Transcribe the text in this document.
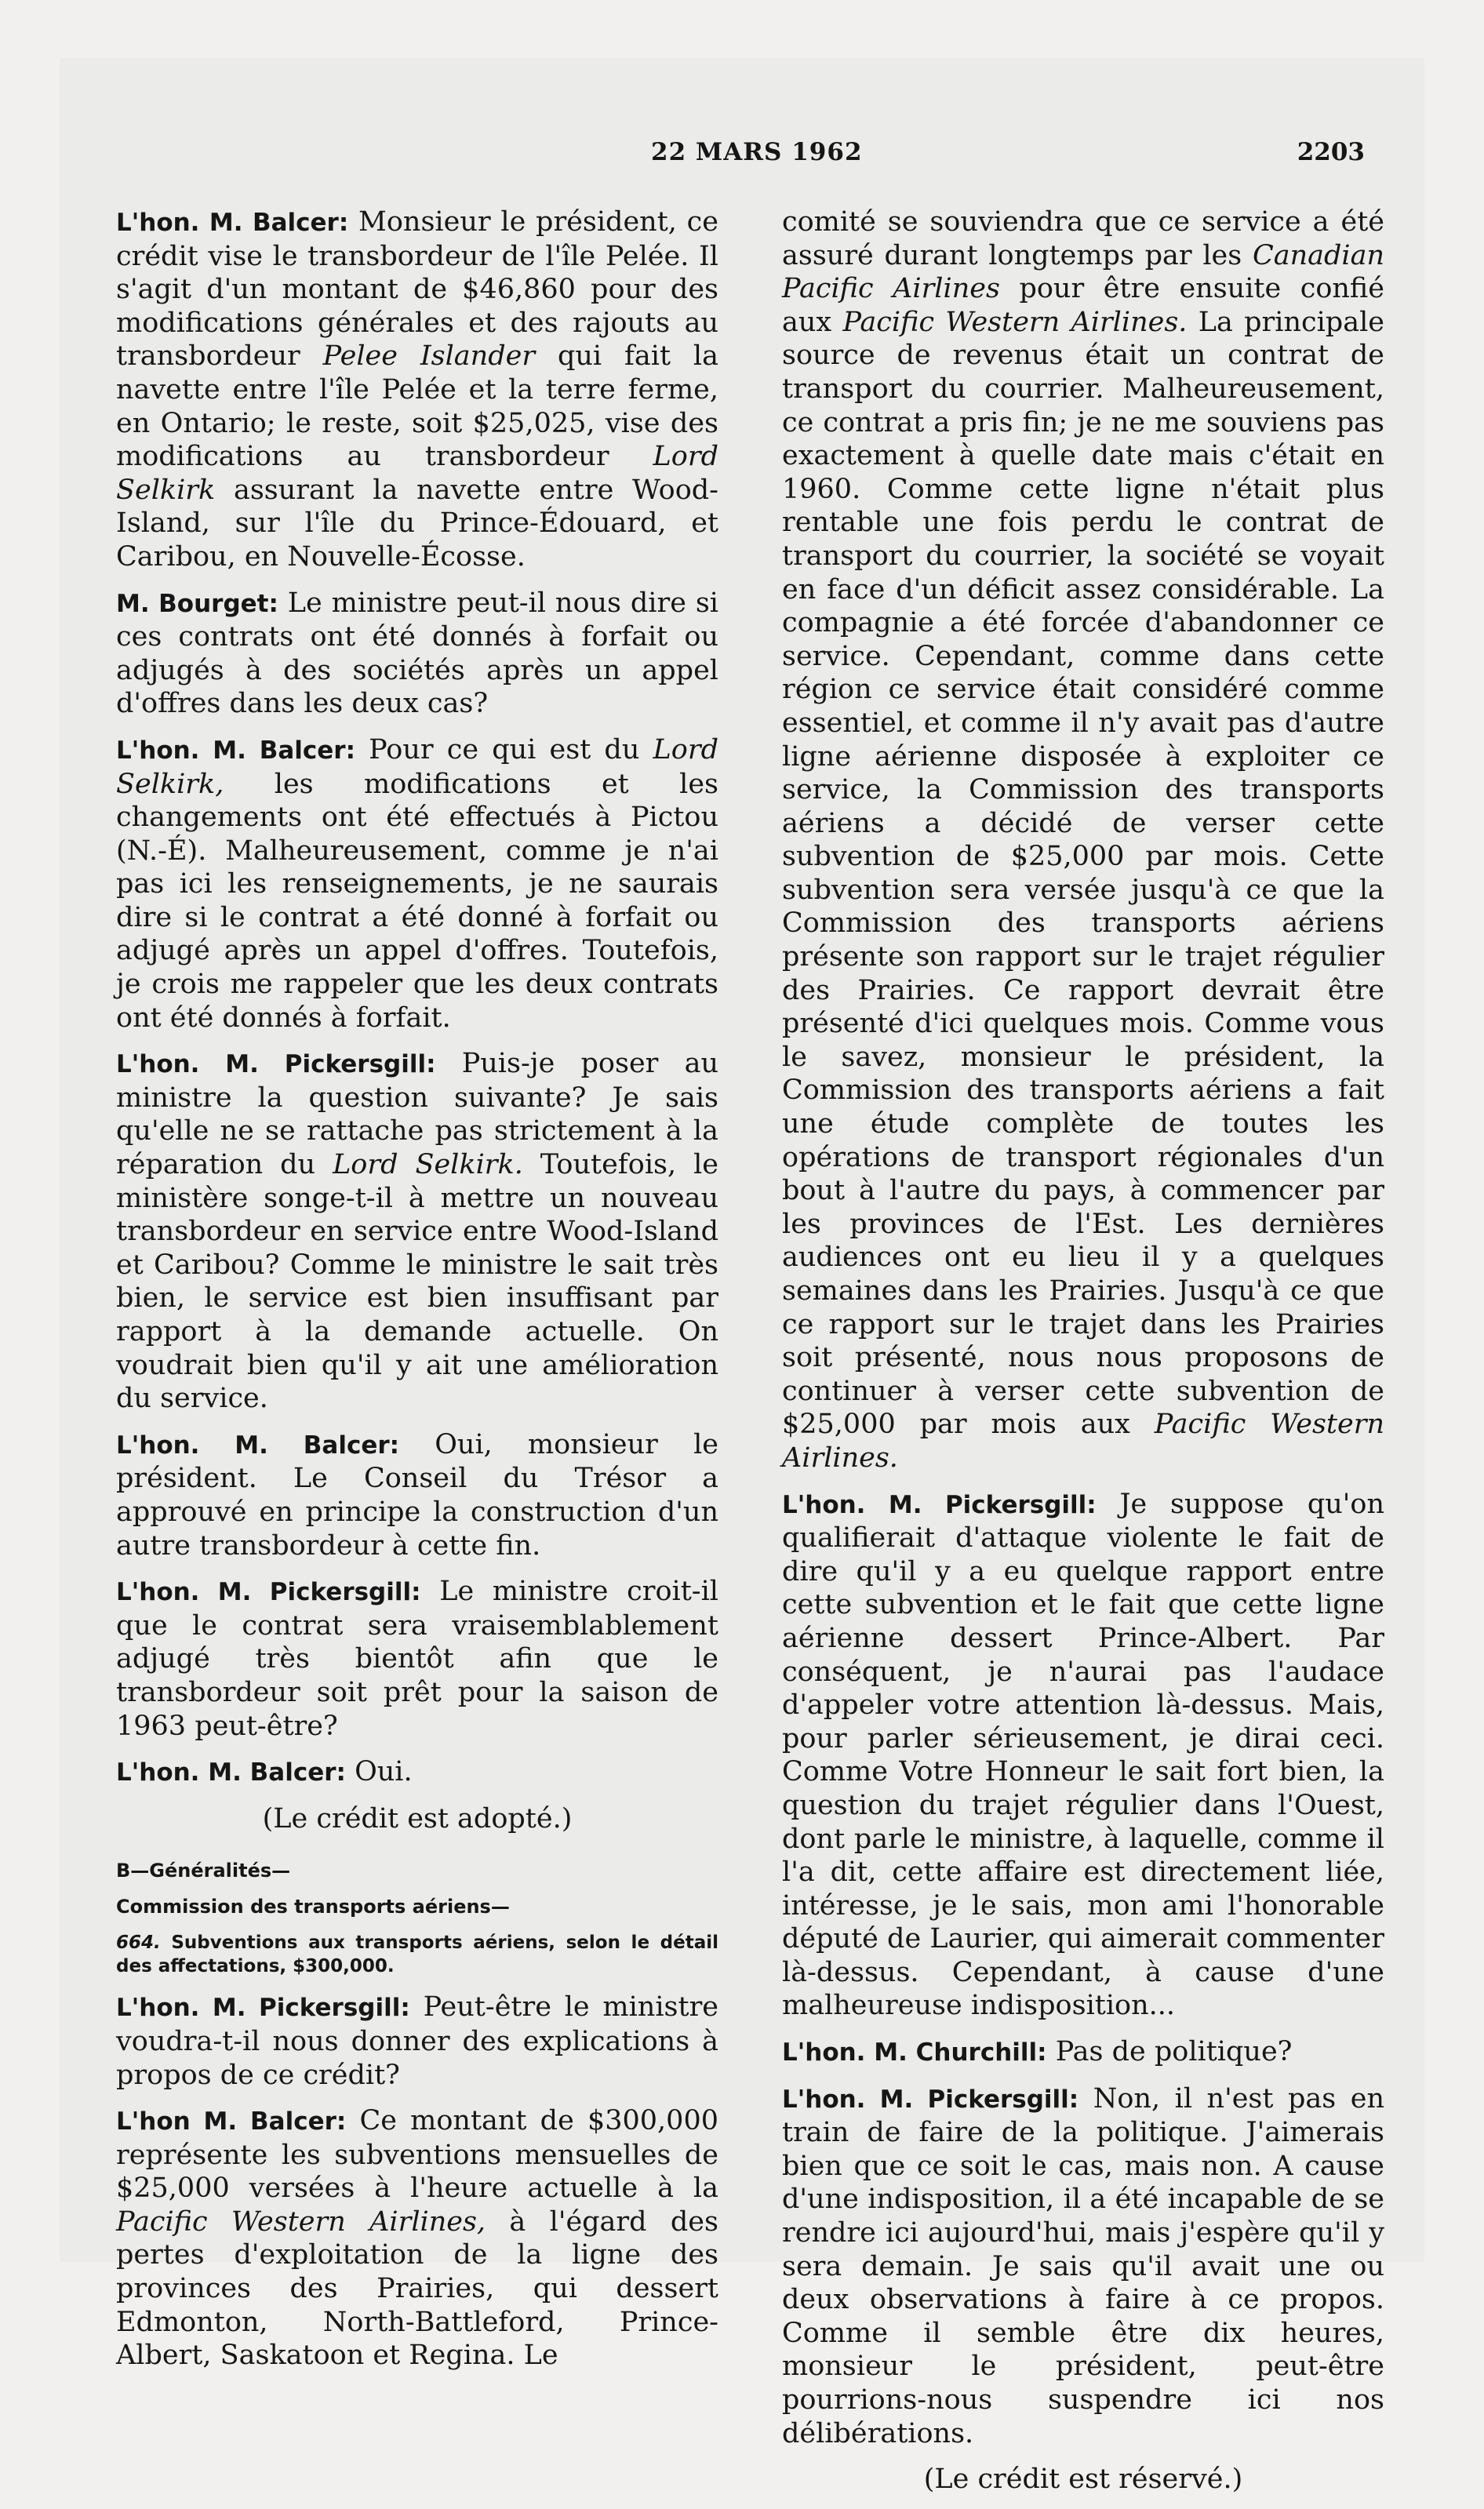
22 MARS 1962	2203

L'hon. M. Balcer: Monsieur le président, ce crédit vise le transbordeur de l'île Pelée. Il s'agit d'un montant de $46,860 pour des modifications générales et des rajouts au transbordeur Pelee Islander qui fait la navette entre l'île Pelée et la terre ferme, en Ontario; le reste, soit $25,025, vise des modifications au transbordeur Lord Selkirk assurant la navette entre Wood-Island, sur l'île du Prince-Édouard, et Caribou, en Nouvelle-Écosse.

M. Bourget: Le ministre peut-il nous dire si ces contrats ont été donnés à forfait ou adjugés à des sociétés après un appel d'offres dans les deux cas?

L'hon. M. Balcer: Pour ce qui est du Lord Selkirk, les modifications et les changements ont été effectués à Pictou (N.-É). Malheureusement, comme je n'ai pas ici les renseignements, je ne saurais dire si le contrat a été donné à forfait ou adjugé après un appel d'offres. Toutefois, je crois me rappeler que les deux contrats ont été donnés à forfait.

L'hon. M. Pickersgill: Puis-je poser au ministre la question suivante? Je sais qu'elle ne se rattache pas strictement à la réparation du Lord Selkirk. Toutefois, le ministère songe-t-il à mettre un nouveau transbordeur en service entre Wood-Island et Caribou? Comme le ministre le sait très bien, le service est bien insuffisant par rapport à la demande actuelle. On voudrait bien qu'il y ait une amélioration du service.

L'hon. M. Balcer: Oui, monsieur le président. Le Conseil du Trésor a approuvé en principe la construction d'un autre transbordeur à cette fin.

L'hon. M. Pickersgill: Le ministre croit-il que le contrat sera vraisemblablement adjugé très bientôt afin que le transbordeur soit prêt pour la saison de 1963 peut-être?

L'hon. M. Balcer: Oui.

(Le crédit est adopté.)

B—Généralités—

Commission des transports aériens—

664. Subventions aux transports aériens, selon le détail des affectations, $300,000.

L'hon. M. Pickersgill: Peut-être le ministre voudra-t-il nous donner des explications à propos de ce crédit?

L'hon M. Balcer: Ce montant de $300,000 représente les subventions mensuelles de $25,000 versées à l'heure actuelle à la Pacific Western Airlines, à l'égard des pertes d'exploitation de la ligne des provinces des Prairies, qui dessert Edmonton, North-Battleford, Prince-Albert, Saskatoon et Regina. Le

comité se souviendra que ce service a été assuré durant longtemps par les Canadian Pacific Airlines pour être ensuite confié aux Pacific Western Airlines. La principale source de revenus était un contrat de transport du courrier. Malheureusement, ce contrat a pris fin; je ne me souviens pas exactement à quelle date mais c'était en 1960. Comme cette ligne n'était plus rentable une fois perdu le contrat de transport du courrier, la société se voyait en face d'un déficit assez considérable. La compagnie a été forcée d'abandonner ce service. Cependant, comme dans cette région ce service était considéré comme essentiel, et comme il n'y avait pas d'autre ligne aérienne disposée à exploiter ce service, la Commission des transports aériens a décidé de verser cette subvention de $25,000 par mois. Cette subvention sera versée jusqu'à ce que la Commission des transports aériens présente son rapport sur le trajet régulier des Prairies. Ce rapport devrait être présenté d'ici quelques mois. Comme vous le savez, monsieur le président, la Commission des transports aériens a fait une étude complète de toutes les opérations de transport régionales d'un bout à l'autre du pays, à commencer par les provinces de l'Est. Les dernières audiences ont eu lieu il y a quelques semaines dans les Prairies. Jusqu'à ce que ce rapport sur le trajet dans les Prairies soit présenté, nous nous proposons de continuer à verser cette subvention de $25,000 par mois aux Pacific Western Airlines.

L'hon. M. Pickersgill: Je suppose qu'on qualifierait d'attaque violente le fait de dire qu'il y a eu quelque rapport entre cette subvention et le fait que cette ligne aérienne dessert Prince-Albert. Par conséquent, je n'aurai pas l'audace d'appeler votre attention là-dessus. Mais, pour parler sérieusement, je dirai ceci. Comme Votre Honneur le sait fort bien, la question du trajet régulier dans l'Ouest, dont parle le ministre, à laquelle, comme il l'a dit, cette affaire est directement liée, intéresse, je le sais, mon ami l'honorable député de Laurier, qui aimerait commenter là-dessus. Cependant, à cause d'une malheureuse indisposition...

L'hon. M. Churchill: Pas de politique?

L'hon. M. Pickersgill: Non, il n'est pas en train de faire de la politique. J'aimerais bien que ce soit le cas, mais non. A cause d'une indisposition, il a été incapable de se rendre ici aujourd'hui, mais j'espère qu'il y sera demain. Je sais qu'il avait une ou deux observations à faire à ce propos. Comme il semble être dix heures, monsieur le président, peut-être pourrions-nous suspendre ici nos délibérations.

(Le crédit est réservé.)
